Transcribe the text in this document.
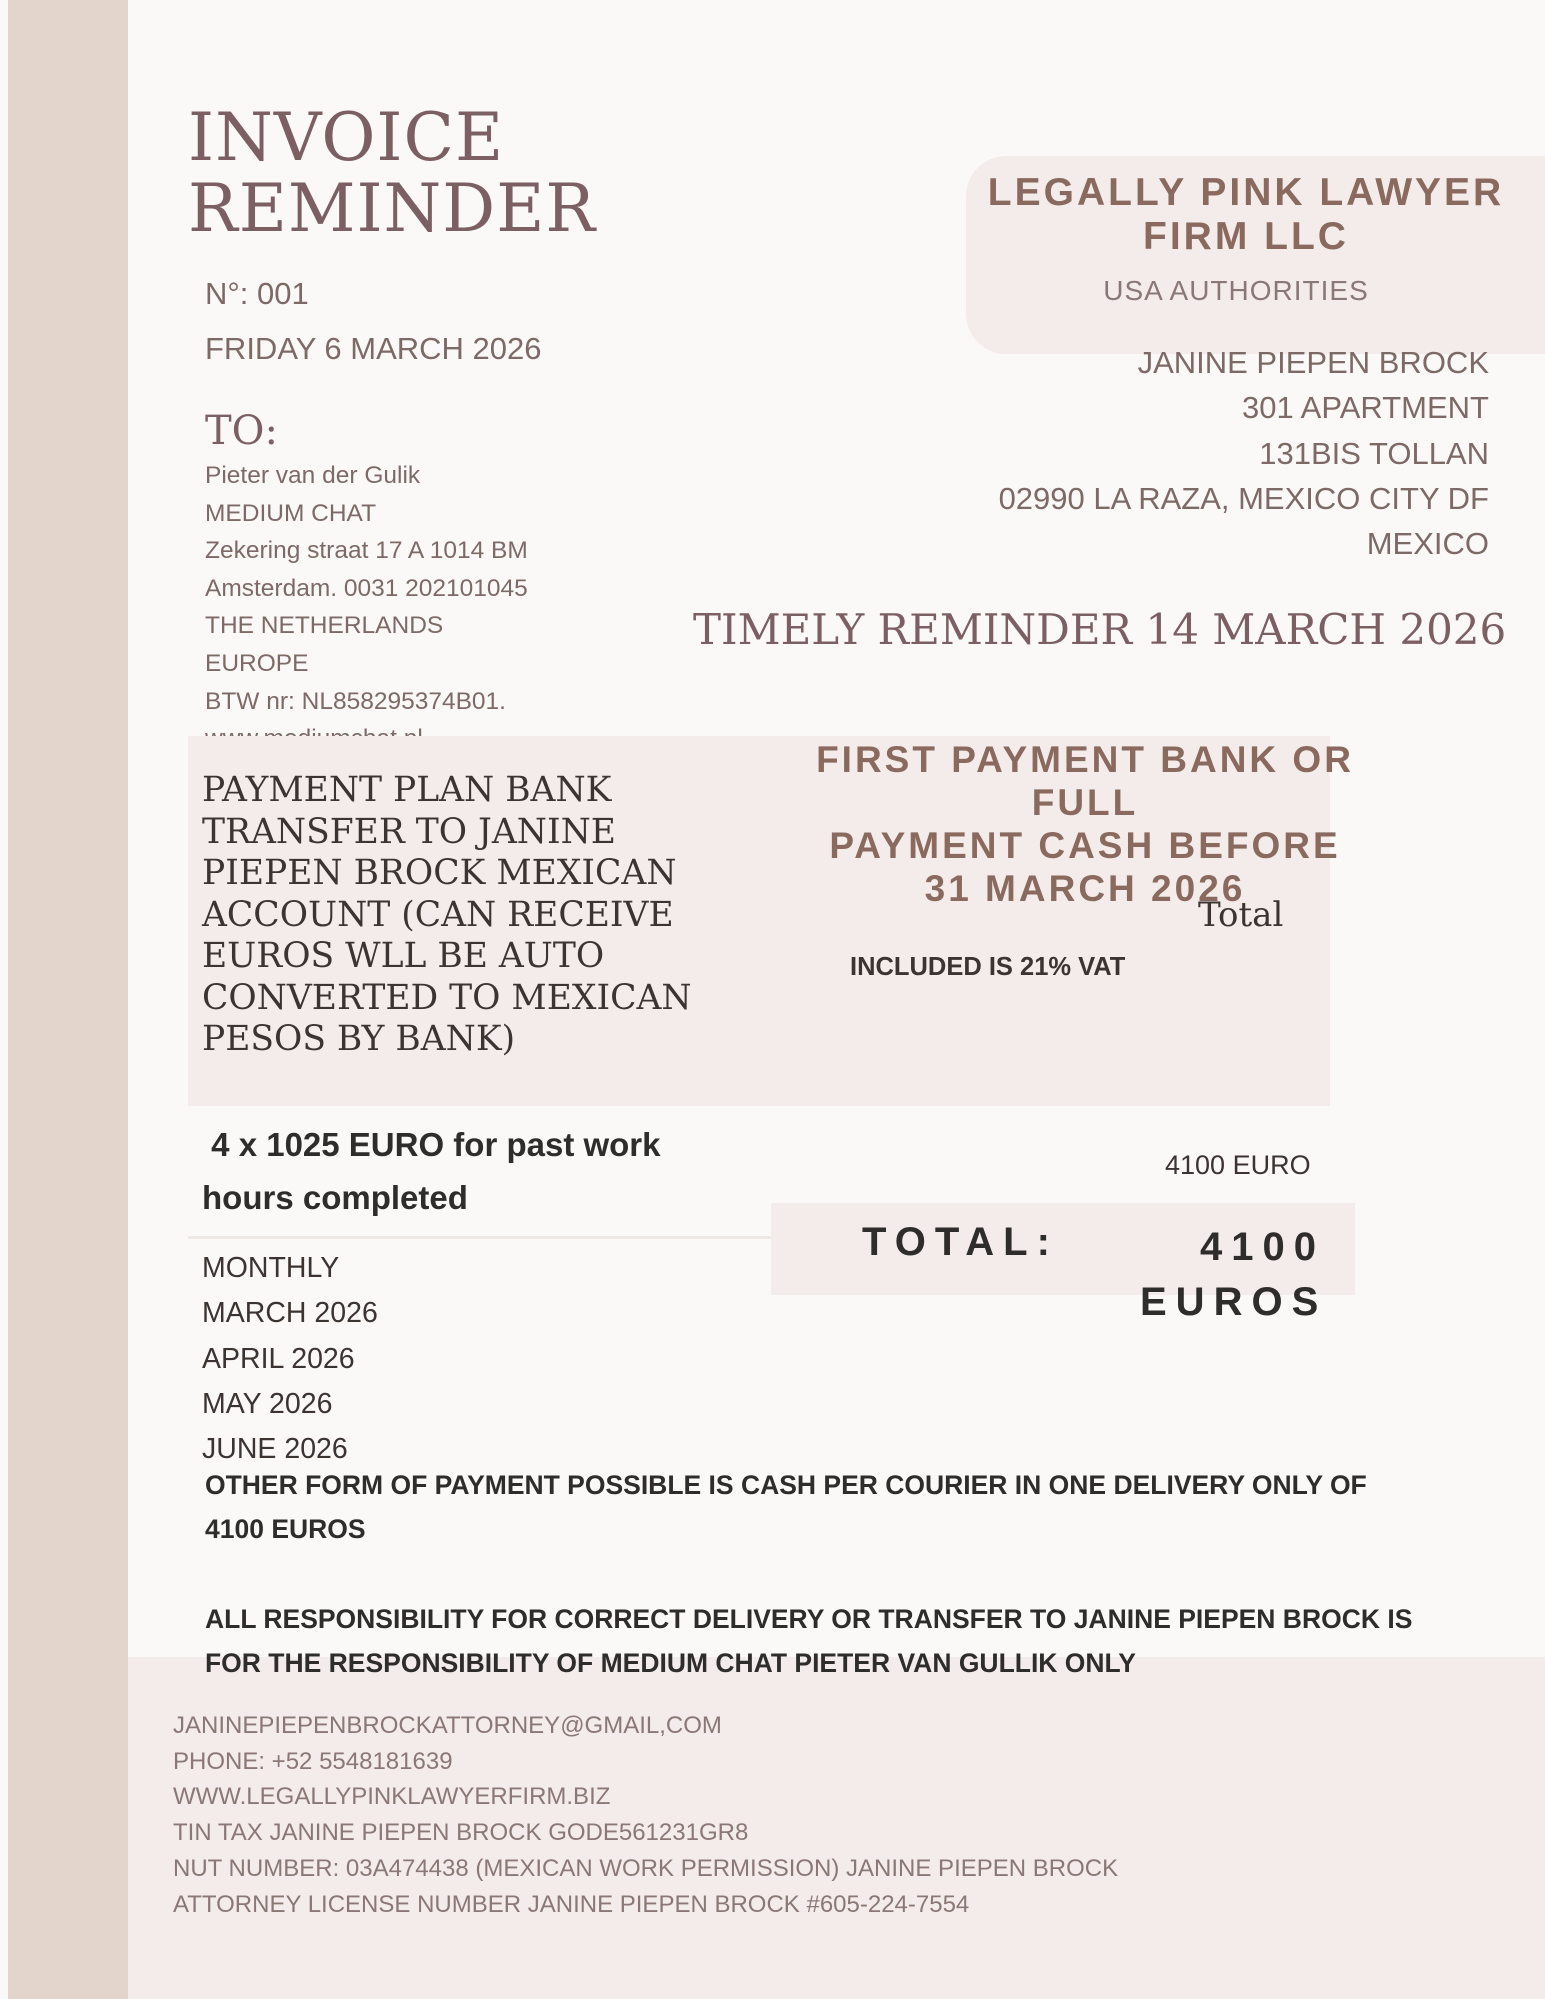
INVOICE
REMINDER
N°: 001
FRIDAY 6 MARCH 2026
TO:
Pieter van der Gulik
MEDIUM CHAT
Zekering straat 17 A 1014 BM
Amsterdam. 0031 202101045
THE NETHERLANDS
EUROPE
BTW nr: NL858295374B01.
LEGALLY PINK LAWYER
FIRM LLC
USA AUTHORITIES
JANINE PIEPEN BROCK
301 APARTMENT
131BIS TOLLAN
02990 LA RAZA, MEXICO CITY DF
MEXICO
TIMELY REMINDER 14 MARCH 2026
PAYMENT PLAN BANK
TRANSFER TO JANINE
PIEPEN BROCK MEXICAN
ACCOUNT (CAN RECEIVE
EUROS WLL BE AUTO
CONVERTED TO MEXICAN
PESOS BY BANK)
FIRST PAYMENT BANK OR FULL
PAYMENT CASH BEFORE
31 MARCH 2026
Total
INCLUDED IS 21% VAT
4 x 1025 EURO for past work
hours completed
4100 EURO
TOTAL:	4100
EUROS
MONTHLY
MARCH 2026
APRIL 2026
MAY 2026
JUNE 2026
OTHER FORM OF PAYMENT POSSIBLE IS CASH PER COURIER IN ONE DELIVERY ONLY OF
4100 EUROS
ALL RESPONSIBILITY FOR CORRECT DELIVERY OR TRANSFER TO JANINE PIEPEN BROCK IS
FOR THE RESPONSIBILITY OF MEDIUM CHAT PIETER VAN GULLIK ONLY
JANINEPIEPENBROCKATTORNEY@GMAIL,COM
PHONE: +52 5548181639
WWW.LEGALLYPINKLAWYERFIRM.BIZ
TIN TAX JANINE PIEPEN BROCK GODE561231GR8
NUT NUMBER: 03A474438 (MEXICAN WORK PERMISSION) JANINE PIEPEN BROCK
ATTORNEY LICENSE NUMBER JANINE PIEPEN BROCK #605-224-7554
